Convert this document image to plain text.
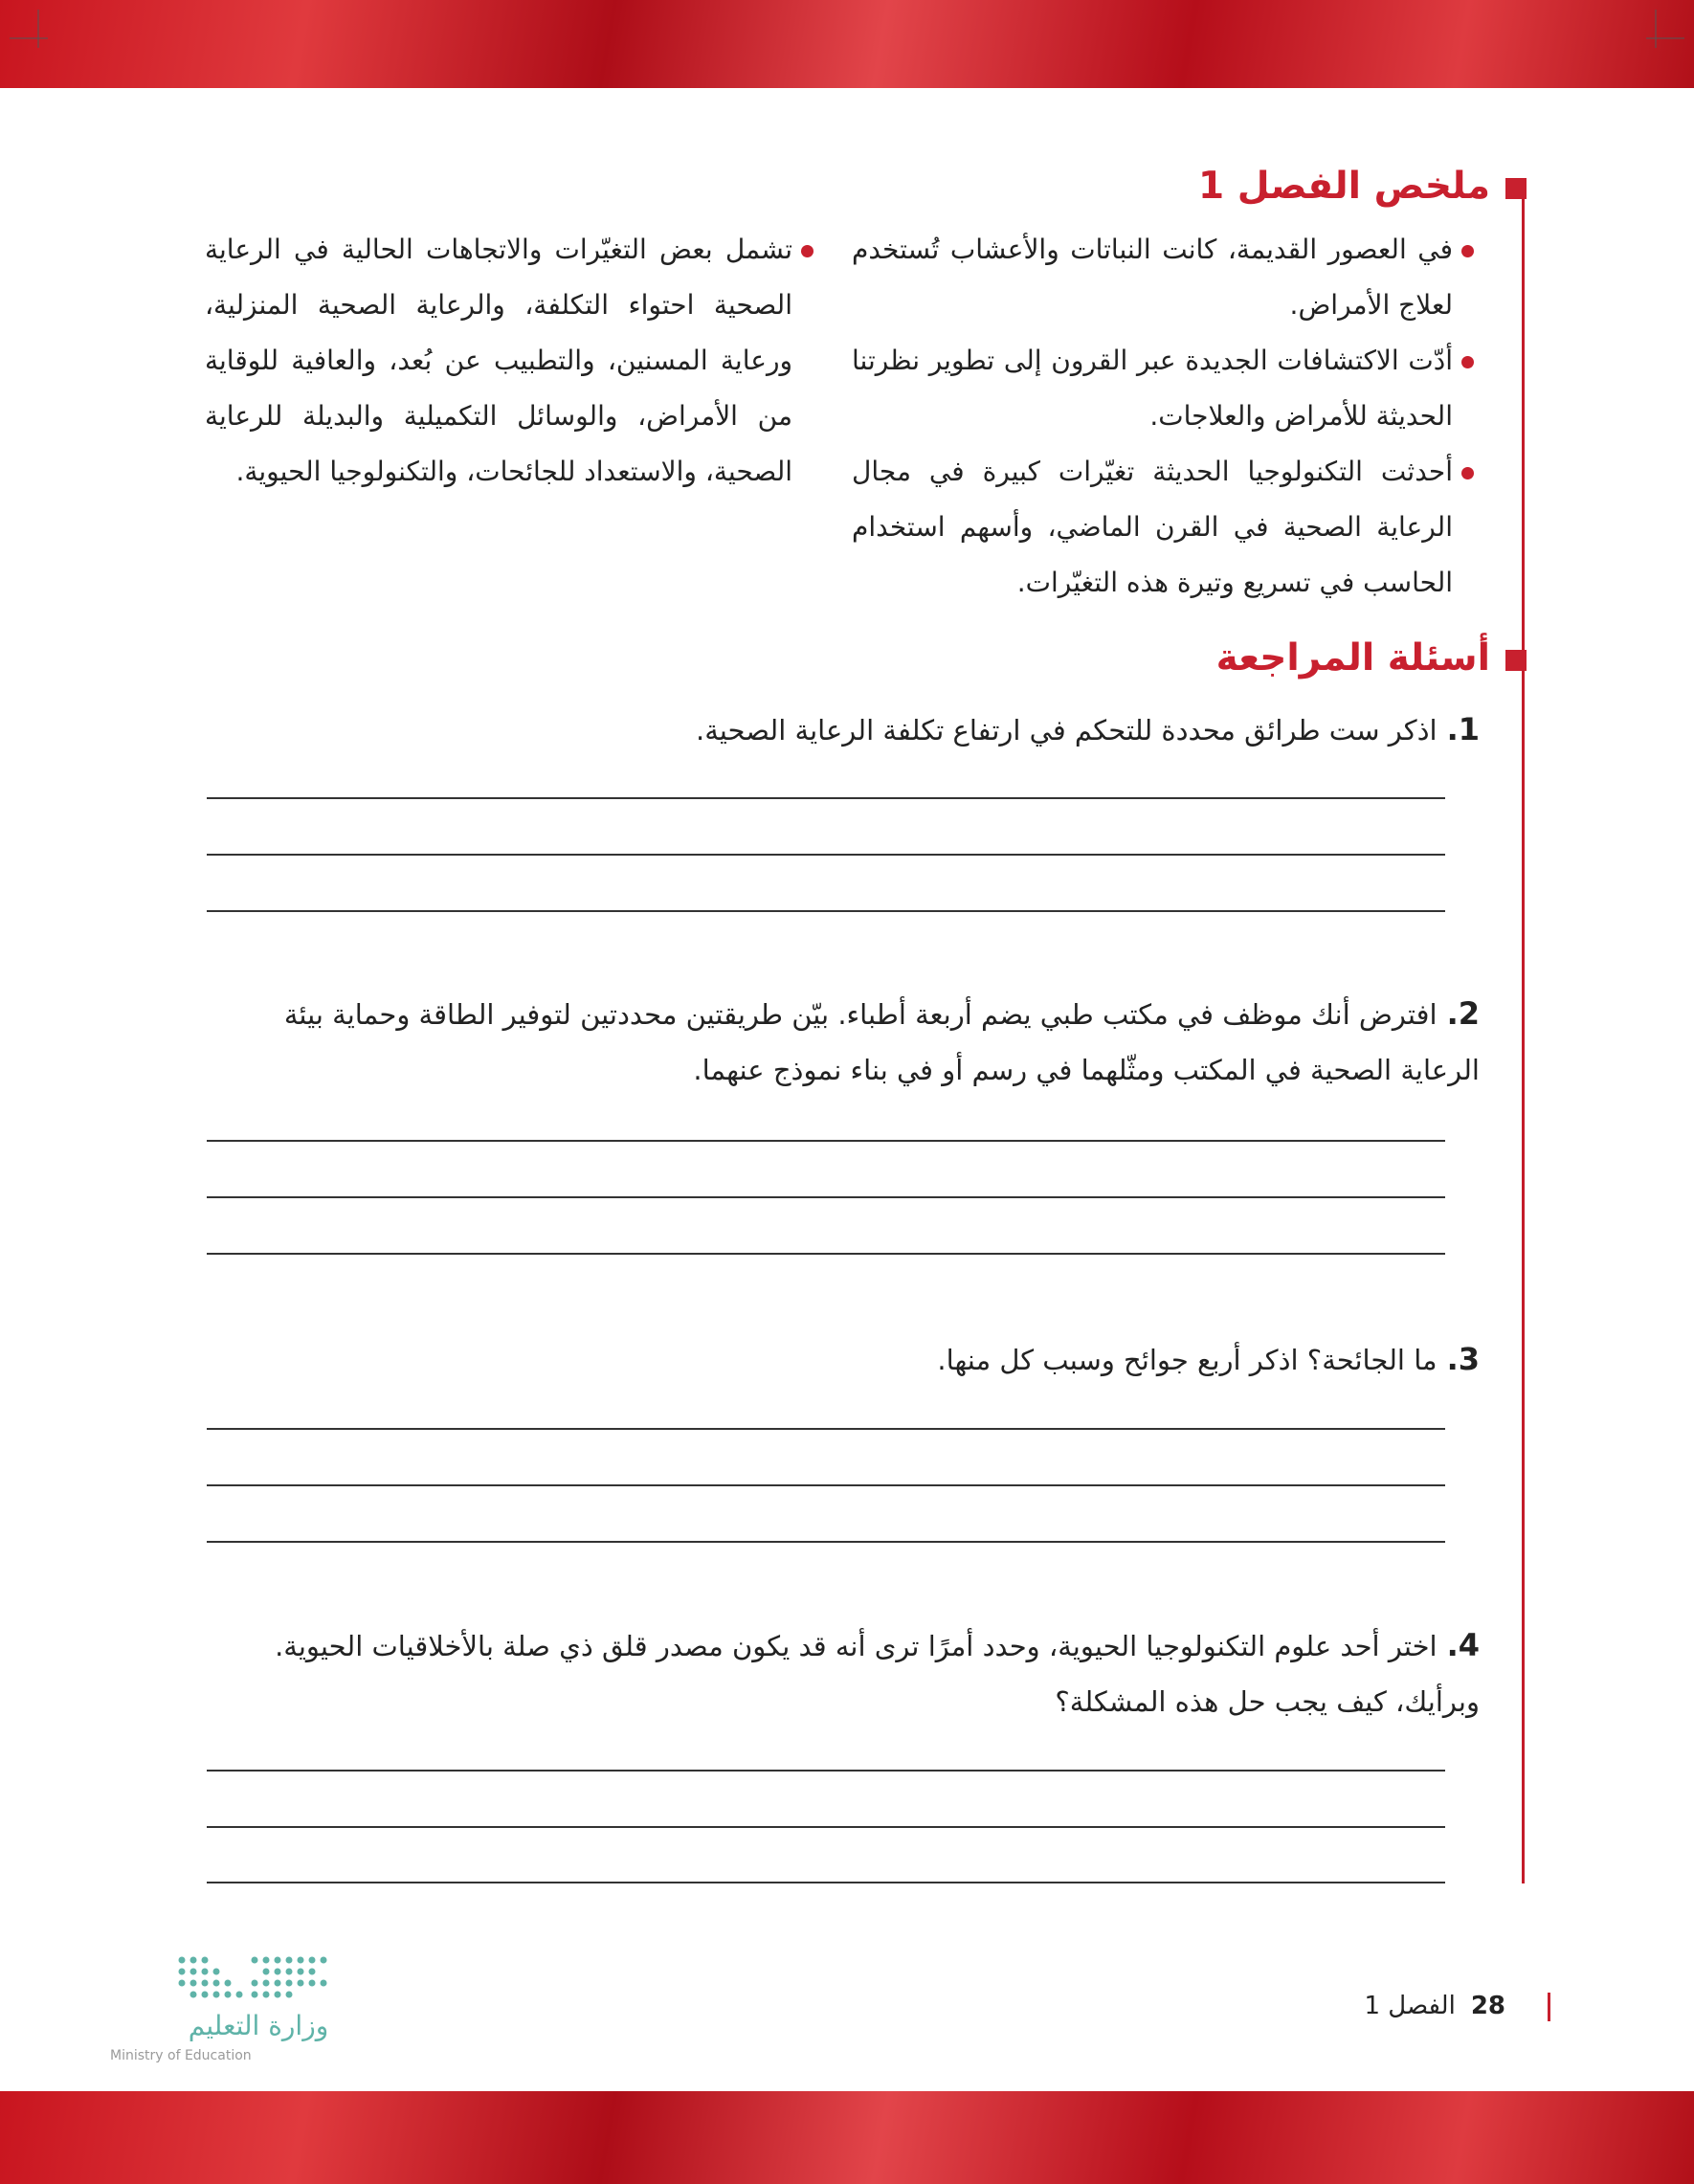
ملخص الفصل 1
في العصور القديمة، كانت النباتات والأعشاب تُستخدم لعلاج الأمراض.
أدّت الاكتشافات الجديدة عبر القرون إلى تطوير نظرتنا الحديثة للأمراض والعلاجات.
أحدثت التكنولوجيا الحديثة تغيّرات كبيرة في مجال الرعاية الصحية في القرن الماضي، وأسهم استخدام الحاسب في تسريع وتيرة هذه التغيّرات.
تشمل بعض التغيّرات والاتجاهات الحالية في الرعاية الصحية احتواء التكلفة، والرعاية الصحية المنزلية، ورعاية المسنين، والتطبيب عن بُعد، والعافية للوقاية من الأمراض، والوسائل التكميلية والبديلة للرعاية الصحية، والاستعداد للجائحات، والتكنولوجيا الحيوية.
أسئلة المراجعة
1.اذكر ست طرائق محددة للتحكم في ارتفاع تكلفة الرعاية الصحية.
2.افترض أنك موظف في مكتب طبي يضم أربعة أطباء. بيّن طريقتين محددتين لتوفير الطاقة وحماية بيئة الرعاية الصحية في المكتب ومثّلهما في رسم أو في بناء نموذج عنهما.
3.ما الجائحة؟ اذكر أربع جوائح وسبب كل منها.
4.اختر أحد علوم التكنولوجيا الحيوية، وحدد أمرًا ترى أنه قد يكون مصدر قلق ذي صلة بالأخلاقيات الحيوية. وبرأيك، كيف يجب حل هذه المشكلة؟
28الفصل 1
وزارة التعليم
Ministry of Education
